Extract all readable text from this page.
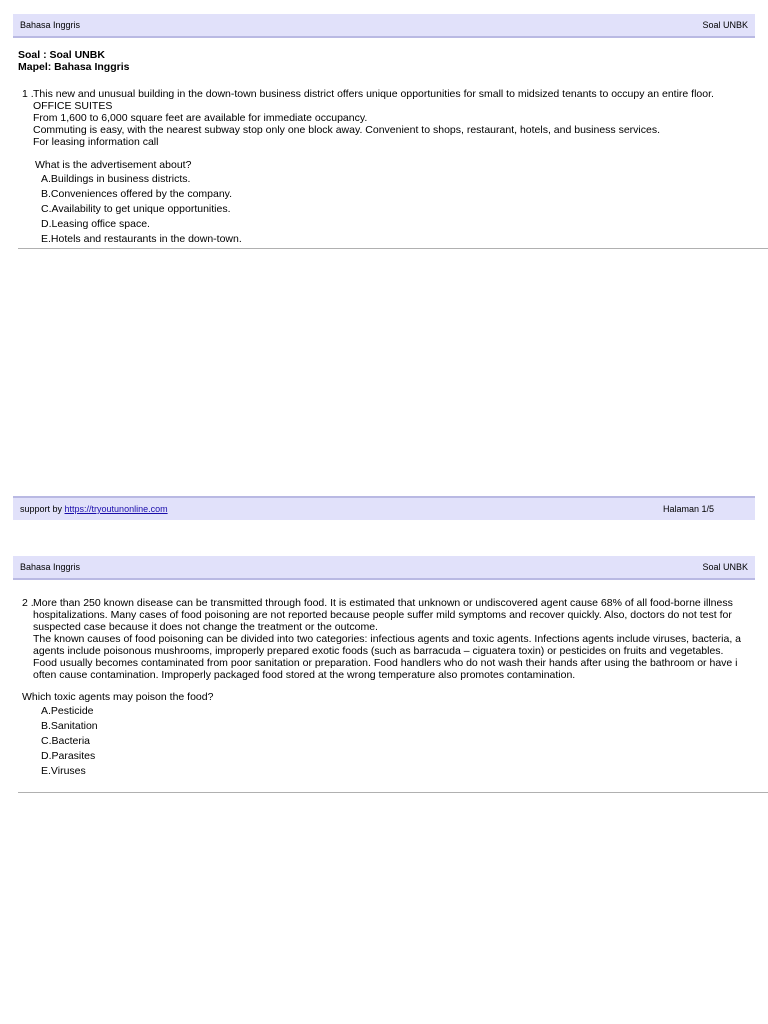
Bahasa Inggris	Soal UNBK
Soal : Soal UNBK
Mapel: Bahasa Inggris
1 . This new and unusual building in the down-town business district offers unique opportunities for small to midsized tenants to occupy an entire floor.
OFFICE SUITES
From 1,600 to 6,000 square feet are available for immediate occupancy.
Commuting is easy, with the nearest subway stop only one block away. Convenient to shops, restaurant, hotels, and business services.
For leasing information call
What is the advertisement about?
A.Buildings in business districts.
B.Conveniences offered by the company.
C.Availability to get unique opportunities.
D.Leasing office space.
E.Hotels and restaurants in the down-town.
support by https://tryoutunonline.com	Halaman 1/5
Bahasa Inggris	Soal UNBK
2 . More than 250 known disease can be transmitted through food. It is estimated that unknown or undiscovered agent cause 68% of all food-borne illness
hospitalizations. Many cases of food poisoning are not reported because people suffer mild symptoms and recover quickly. Also, doctors do not test for
suspected case because it does not change the treatment or the outcome.
The known causes of food poisoning can be divided into two categories: infectious agents and toxic agents. Infections agents include viruses, bacteria, a
agents include poisonous mushrooms, improperly prepared exotic foods (such as barracuda – ciguatera toxin) or pesticides on fruits and vegetables.
Food usually becomes contaminated from poor sanitation or preparation. Food handlers who do not wash their hands after using the bathroom or have i
often cause contamination. Improperly packaged food stored at the wrong temperature also promotes contamination.
Which toxic agents may poison the food?
A.Pesticide
B.Sanitation
C.Bacteria
D.Parasites
E.Viruses
